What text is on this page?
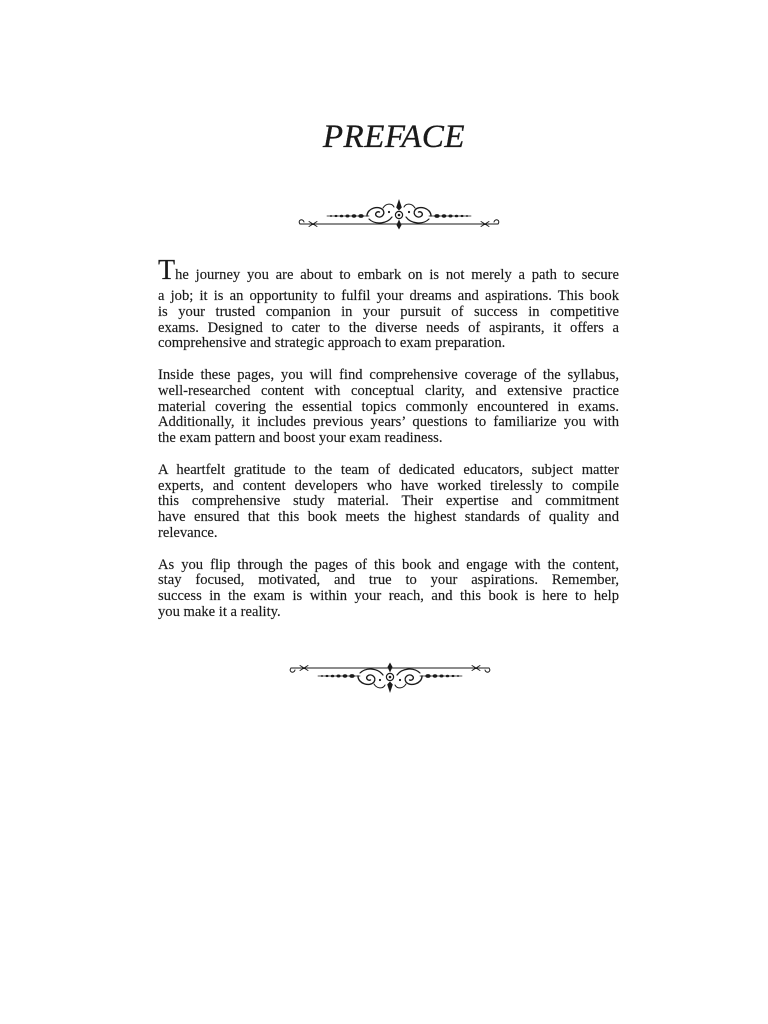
PREFACE
The journey you are about to embark on is not merely a path to secure
a job; it is an opportunity to fulfil your dreams and aspirations. This book
is your trusted companion in your pursuit of success in competitive
exams. Designed to cater to the diverse needs of aspirants, it offers a
comprehensive and strategic approach to exam preparation.
Inside these pages, you will find comprehensive coverage of the syllabus,
well-researched content with conceptual clarity, and extensive practice
material covering the essential topics commonly encountered in exams.
Additionally, it includes previous years’ questions to familiarize you with
the exam pattern and boost your exam readiness.
A heartfelt gratitude to the team of dedicated educators, subject matter
experts, and content developers who have worked tirelessly to compile
this comprehensive study material. Their expertise and commitment
have ensured that this book meets the highest standards of quality and
relevance.
As you flip through the pages of this book and engage with the content,
stay focused, motivated, and true to your aspirations. Remember,
success in the exam is within your reach, and this book is here to help
you make it a reality.
